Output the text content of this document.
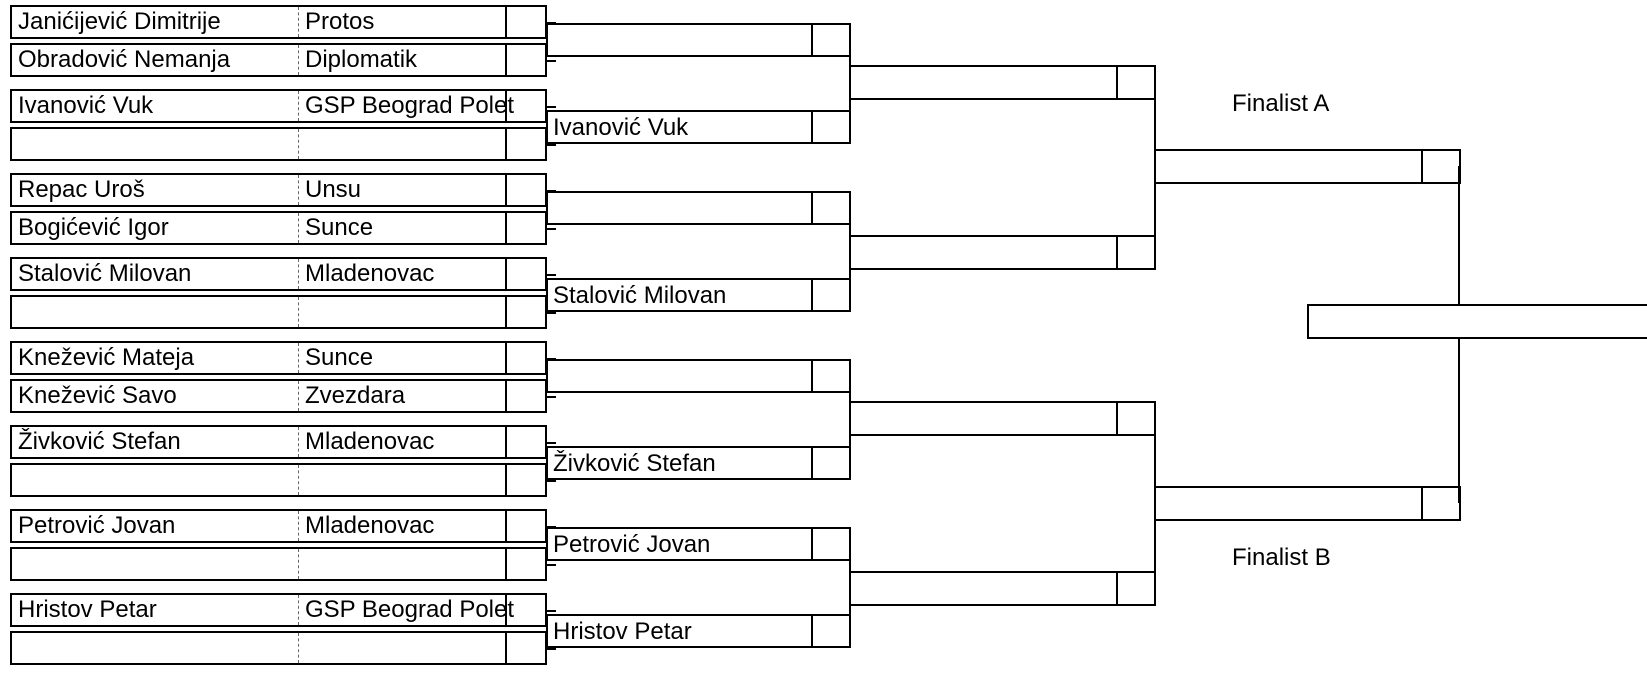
Janićijević Dimitrije	Protos
Obradović Nemanja	Diplomatik
Ivanović Vuk	GSP Beograd Polet
Repac Uroš	Unsu
Bogićević Igor	Sunce
Stalović Milovan	Mladenovac
Knežević Mateja	Sunce
Knežević Savo	Zvezdara
Živković Stefan	Mladenovac
Petrović Jovan	Mladenovac
Hristov Petar	GSP Beograd Polet
Ivanović Vuk
Stalović Milovan
Živković Stefan
Petrović Jovan
Hristov Petar
Finalist A
Finalist B
